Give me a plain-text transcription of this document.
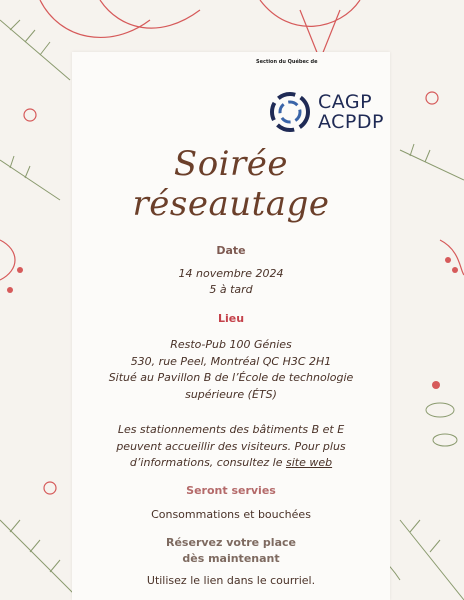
Section du Québec de
CAGP
ACPDP
Soirée réseautage
Date
14 novembre 2024
5 à tard
Lieu
Resto-Pub 100 Génies
530, rue Peel, Montréal QC H3C 2H1
Situé au Pavillon B de l’École de technologie
supérieure (ÉTS)
Les stationnements des bâtiments B et E
peuvent accueillir des visiteurs. Pour plus
d’informations, consultez le site web
Seront servies
Consommations et bouchées
Réservez votre place
dès maintenant
Utilisez le lien dans le courriel.
